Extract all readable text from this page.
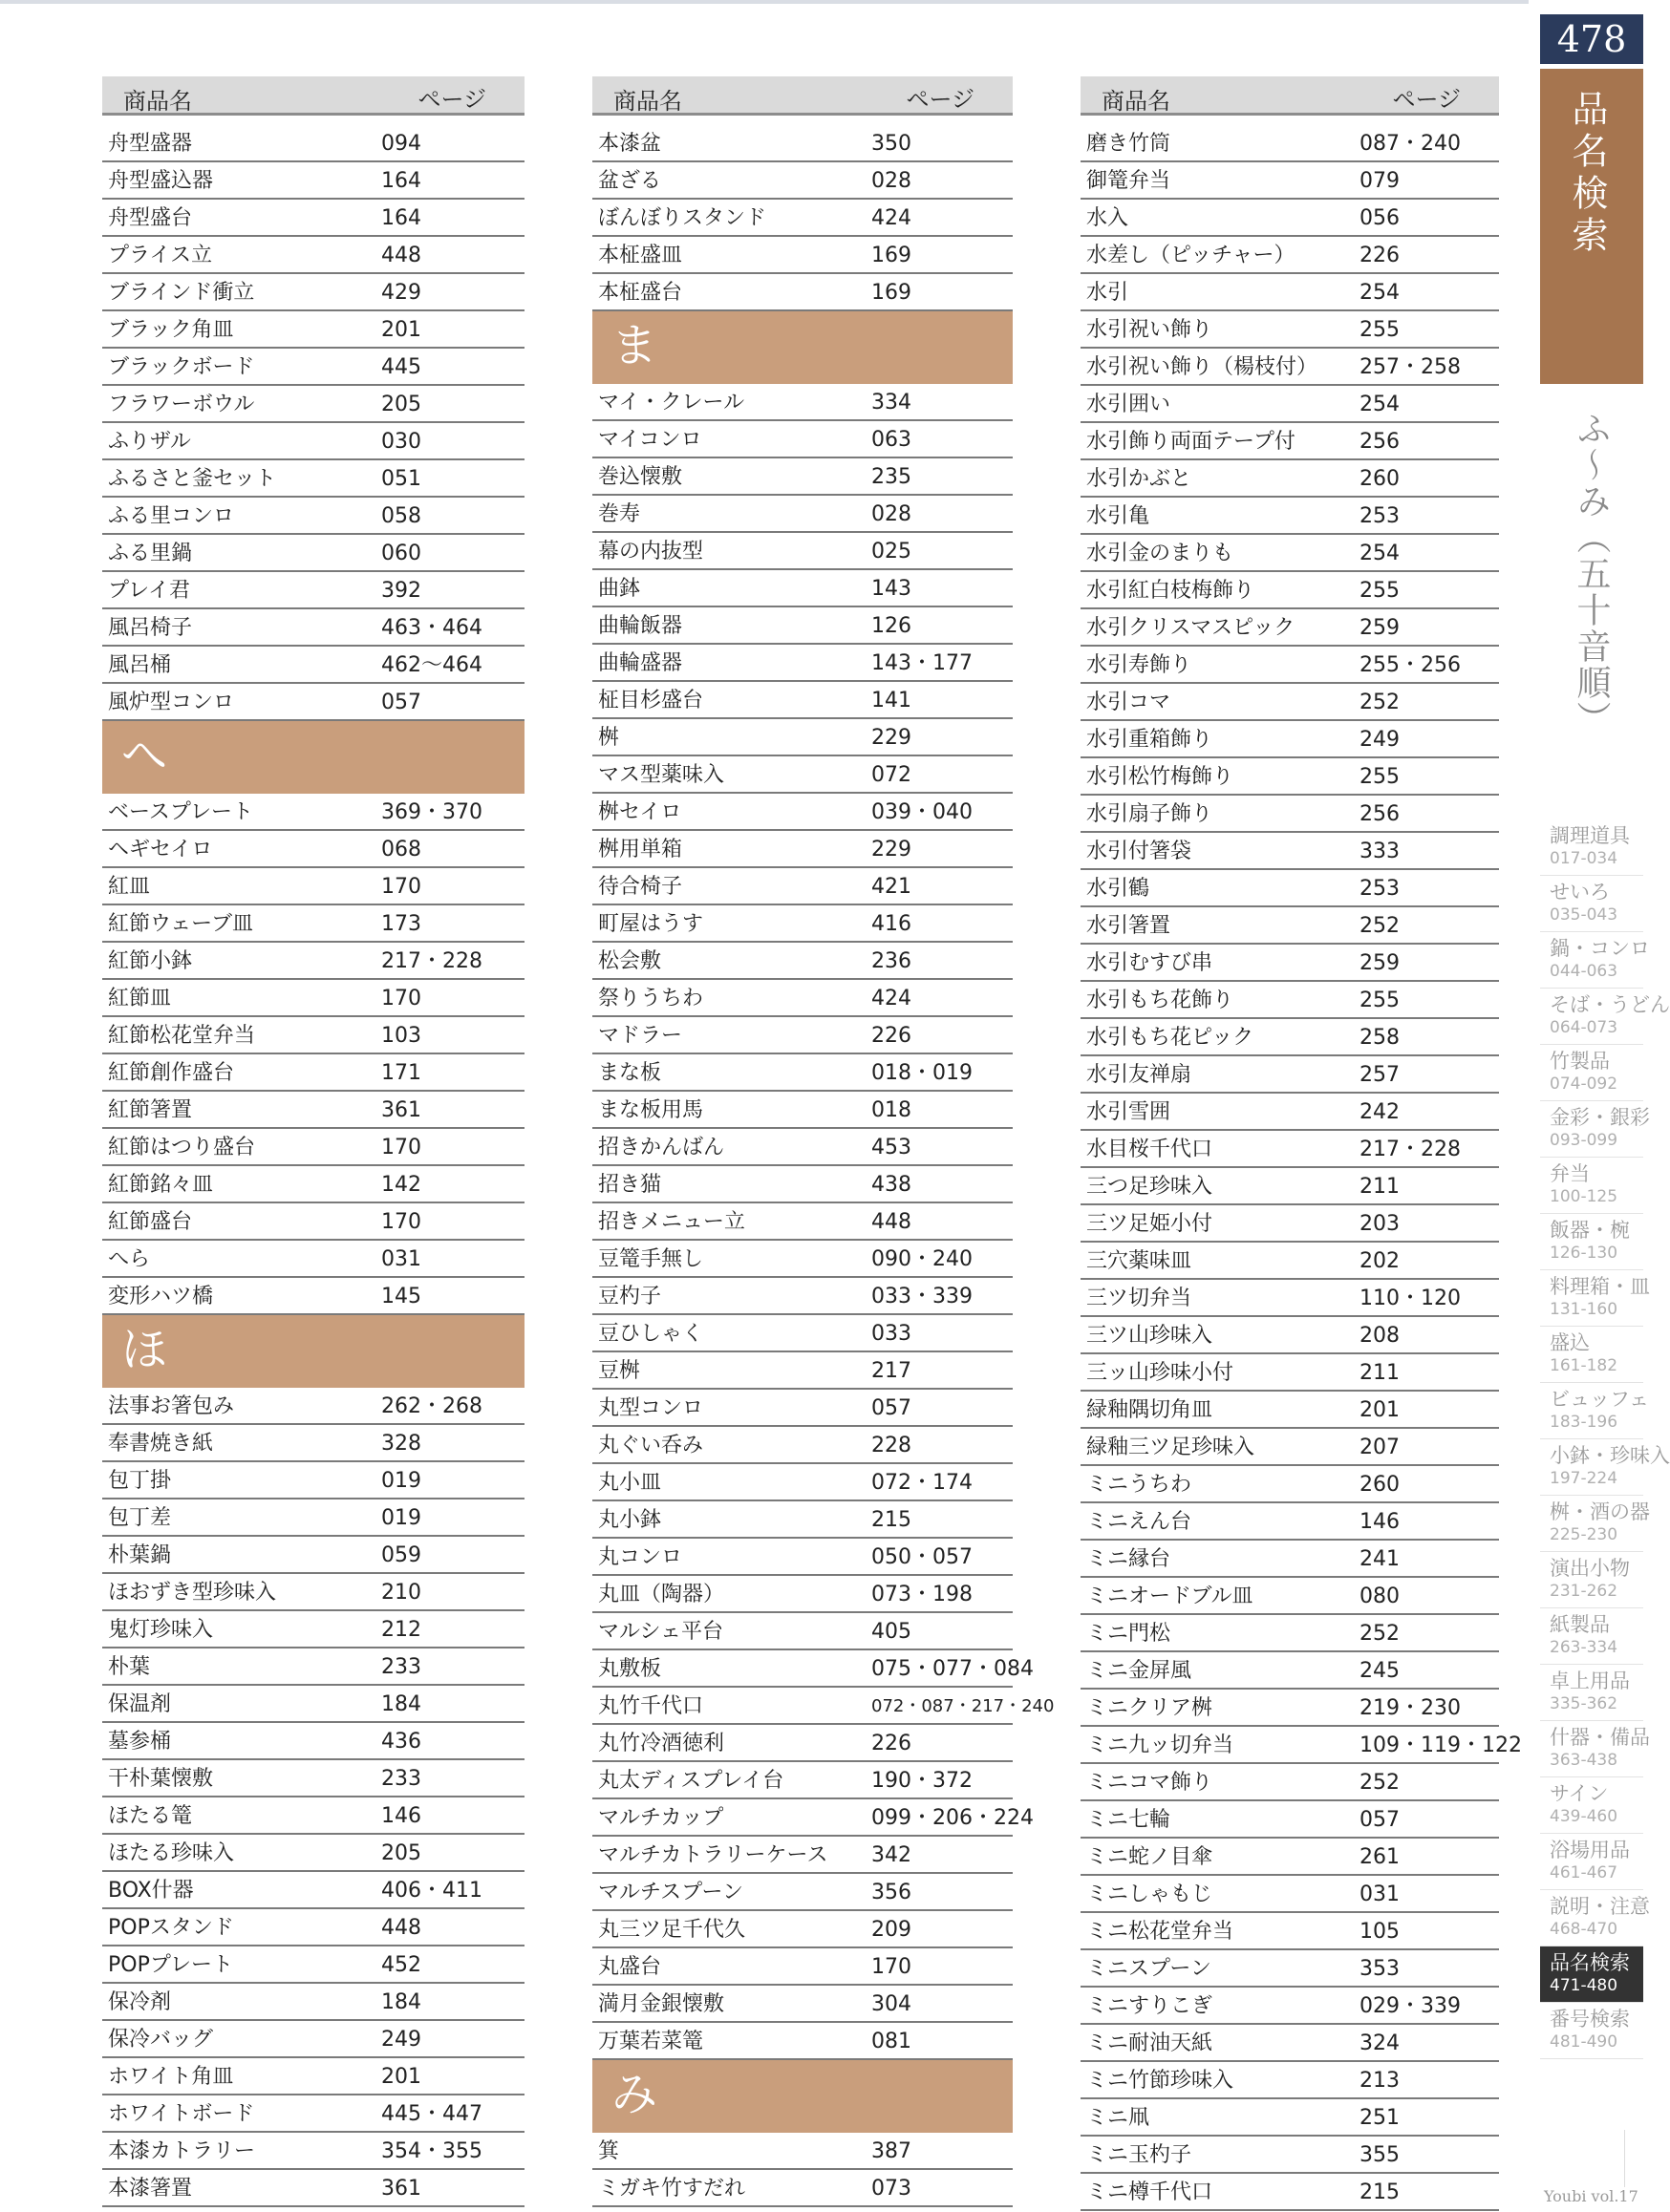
商品名	ページ
舟型盛器	094
舟型盛込器	164
舟型盛台	164
プライス立	448
ブラインド衝立	429
ブラック角皿	201
ブラックボード	445
フラワーボウル	205
ふりザル	030
ふるさと釜セット	051
ふる里コンロ	058
ふる里鍋	060
プレイ君	392
風呂椅子	463・464
風呂桶	462～464
風炉型コンロ	057
へ
ベースプレート	369・370
ヘギセイロ	068
紅皿	170
紅節ウェーブ皿	173
紅節小鉢	217・228
紅節皿	170
紅節松花堂弁当	103
紅節創作盛台	171
紅節箸置	361
紅節はつり盛台	170
紅節銘々皿	142
紅節盛台	170
へら	031
変形ハツ橋	145
ほ
法事お箸包み	262・268
奉書焼き紙	328
包丁掛	019
包丁差	019
朴葉鍋	059
ほおずき型珍味入	210
鬼灯珍味入	212
朴葉	233
保温剤	184
墓参桶	436
干朴葉懐敷	233
ほたる篭	146
ほたる珍味入	205
BOX什器	406・411
POPスタンド	448
POPプレート	452
保冷剤	184
保冷バッグ	249
ホワイト角皿	201
ホワイトボード	445・447
本漆カトラリー	354・355
本漆箸置	361
商品名	ページ
本漆盆	350
盆ざる	028
ぼんぼりスタンド	424
本柾盛皿	169
本柾盛台	169
ま
マイ・クレール	334
マイコンロ	063
巻込懐敷	235
巻寿	028
幕の内抜型	025
曲鉢	143
曲輪飯器	126
曲輪盛器	143・177
柾目杉盛台	141
桝	229
マス型薬味入	072
桝セイロ	039・040
桝用単箱	229
待合椅子	421
町屋はうす	416
松会敷	236
祭りうちわ	424
マドラー	226
まな板	018・019
まな板用馬	018
招きかんばん	453
招き猫	438
招きメニュー立	448
豆篭手無し	090・240
豆杓子	033・339
豆ひしゃく	033
豆桝	217
丸型コンロ	057
丸ぐい呑み	228
丸小皿	072・174
丸小鉢	215
丸コンロ	050・057
丸皿（陶器）	073・198
マルシェ平台	405
丸敷板	075・077・084
丸竹千代口	072・087・217・240
丸竹冷酒徳利	226
丸太ディスプレイ台	190・372
マルチカップ	099・206・224
マルチカトラリーケース 342
マルチスプーン	356
丸三ツ足千代久	209
丸盛台	170
満月金銀懐敷	304
万葉若菜篭	081
み
箕	387
ミガキ竹すだれ	073
商品名	ページ
磨き竹筒	087・240
御篭弁当	079
水入	056
水差し（ピッチャー）	226
水引	254
水引祝い飾り	255
水引祝い飾り（楊枝付） 257・258
水引囲い	254
水引飾り両面テープ付	256
水引かぶと	260
水引亀	253
水引金のまりも	254
水引紅白枝梅飾り	255
水引クリスマスピック	259
水引寿飾り	255・256
水引コマ	252
水引重箱飾り	249
水引松竹梅飾り	255
水引扇子飾り	256
水引付箸袋	333
水引鶴	253
水引箸置	252
水引むすび串	259
水引もち花飾り	255
水引もち花ピック	258
水引友禅扇	257
水引雪囲	242
水目桜千代口	217・228
三つ足珍味入	211
三ツ足姫小付	203
三穴薬味皿	202
三ツ切弁当	110・120
三ツ山珍味入	208
三ッ山珍味小付	211
緑釉隅切角皿	201
緑釉三ツ足珍味入	207
ミニうちわ	260
ミニえん台	146
ミニ縁台	241
ミニオードブル皿	080
ミニ門松	252
ミニ金屏風	245
ミニクリア桝	219・230
ミニ九ッ切弁当	109・119・122
ミニコマ飾り	252
ミニ七輪	057
ミニ蛇ノ目傘	261
ミニしゃもじ	031
ミニ松花堂弁当	105
ミニスプーン	353
ミニすりこぎ	029・339
ミニ耐油天紙	324
ミニ竹節珍味入	213
ミニ凧	251
ミニ玉杓子	355
ミニ樽千代口	215
478
品名検索
ふ〜み（五十音順）
調理道具
017-034
せいろ
035-043
鍋・コンロ
044-063
そば・うどん
064-073
竹製品
074-092
金彩・銀彩
093-099
弁当
100-125
飯器・椀
126-130
料理箱・皿
131-160
盛込
161-182
ビュッフェ
183-196
小鉢・珍味入
197-224
桝・酒の器
225-230
演出小物
231-262
紙製品
263-334
卓上用品
335-362
什器・備品
363-438
サイン
439-460
浴場用品
461-467
説明・注意
468-470
品名検索
471-480
番号検索
481-490
Youbi vol.17
